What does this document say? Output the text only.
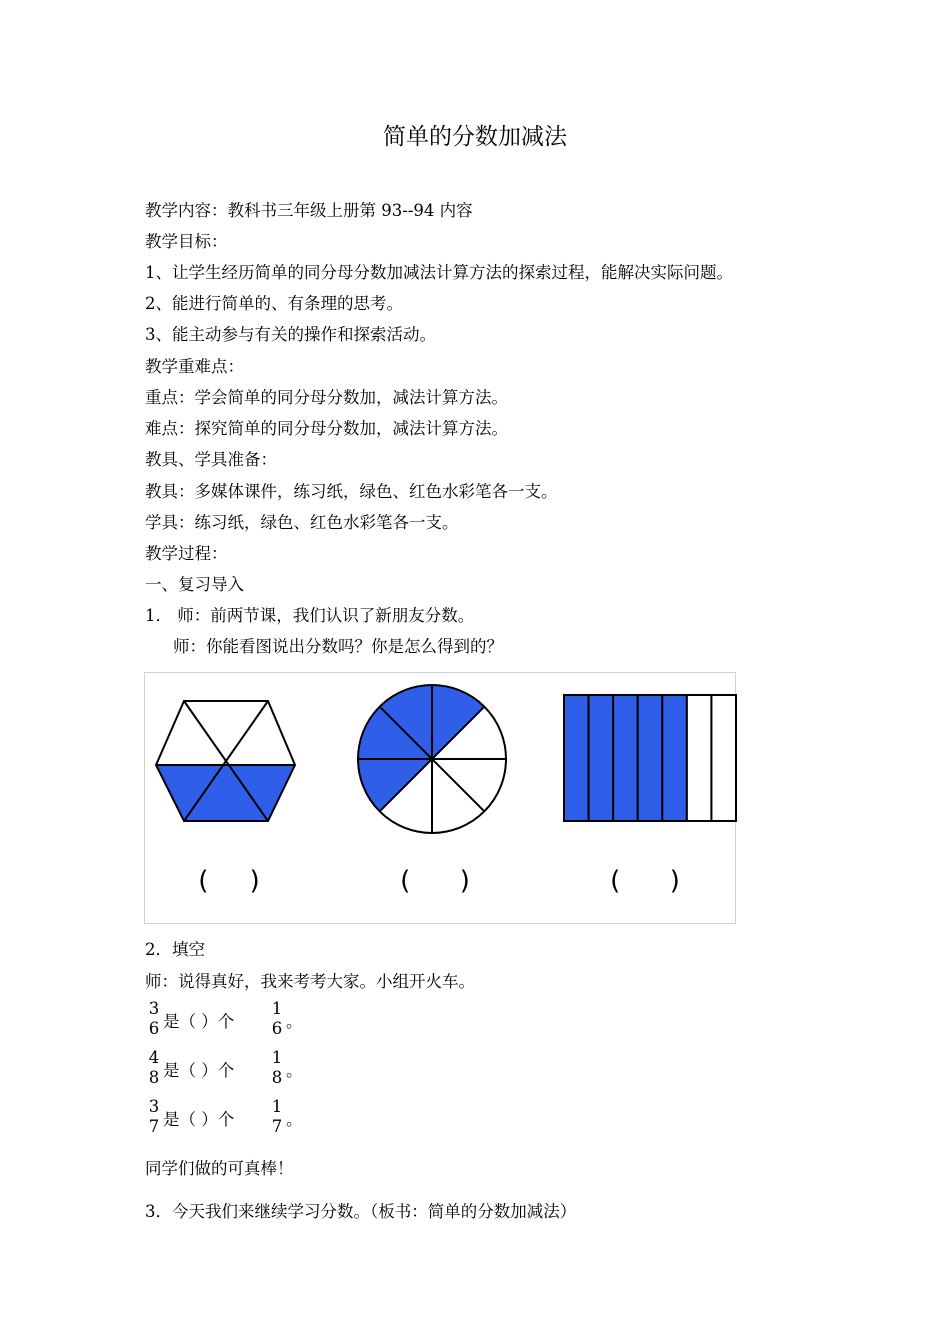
简单的分数加减法
教学内容：教科书三年级上册第 93--94 内容
教学目标：
1、让学生经历简单的同分母分数加减法计算方法的探索过程，能解决实际问题。
2、能进行简单的、有条理的思考。
3、能主动参与有关的操作和探索活动。
教学重难点：
重点：学会简单的同分母分数加，减法计算方法。
难点：探究简单的同分母分数加，减法计算方法。
教具、学具准备：
教具：多媒体课件，练习纸，绿色、红色水彩笔各一支。
学具：练习纸，绿色、红色水彩笔各一支。
教学过程：
一、复习导入
1． 师：前两节课，我们认识了新朋友分数。
师：你能看图说出分数吗？你是怎么得到的？
(     )	(      )	(      )
2．填空
师：说得真好，我来考考大家。小组开火车。
3
6 是（ ）个
1
6 。
4
8 是（ ）个
1
8 。
3
7 是（ ）个
1
7 。
同学们做的可真棒！
3．今天我们来继续学习分数。（板书：简单的分数加减法）
